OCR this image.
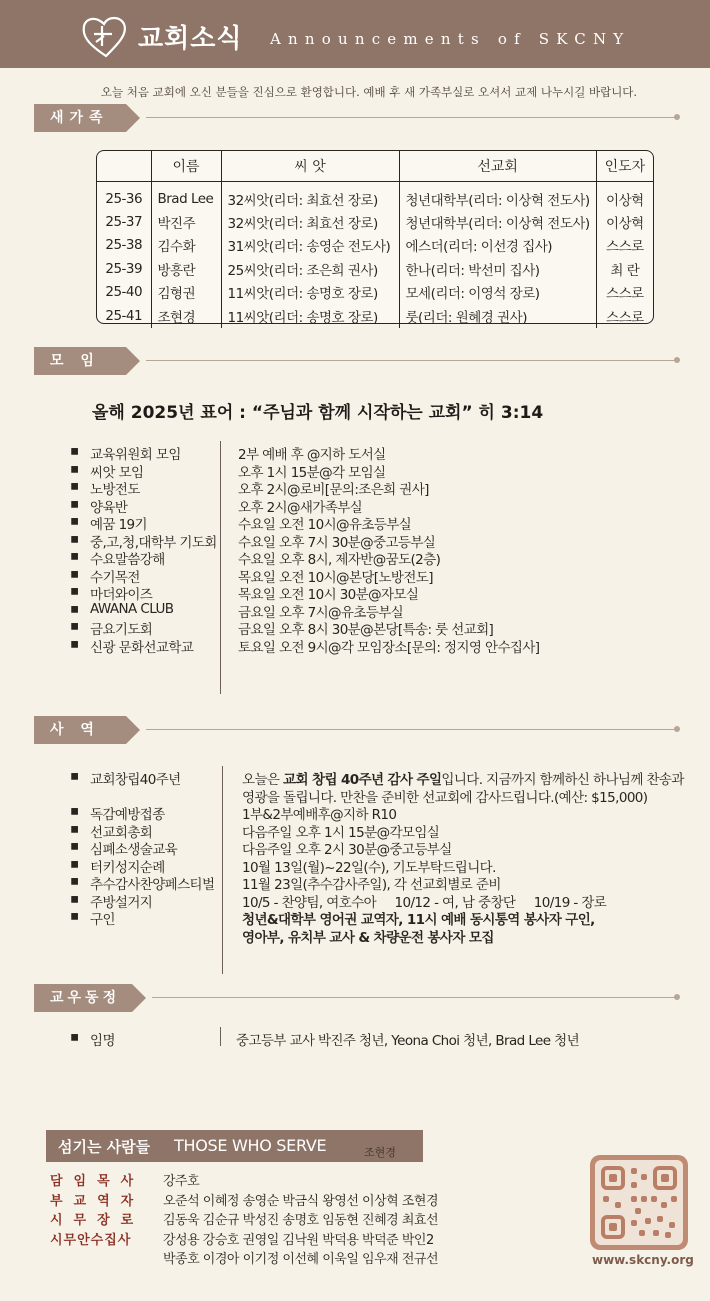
교회소식 Announcements of SKCNY
오늘 처음 교회에 오신 분들을 진심으로 환영합니다. 예배 후 새 가족부실로 오셔서 교제 나누시길 바랍니다.
새가족
	이름	씨 앗	선교회	인도자
25-36	Brad Lee	32씨앗(리더: 최효선 장로)	청년대학부(리더: 이상혁 전도사)	이상혁
25-37	박진주	32씨앗(리더: 최효선 장로)	청년대학부(리더: 이상혁 전도사)	이상혁
25-38	김수화	31씨앗(리더: 송영순 전도사)	에스더(리더: 이선경 집사)	스스로
25-39	방흥란	25씨앗(리더: 조은희 권사)	한나(리더: 박선미 집사)	최 란
25-40	김형권	11씨앗(리더: 송명호 장로)	모세(리더: 이영석 장로)	스스로
25-41	조현경	11씨앗(리더: 송명호 장로)	룻(리더: 원혜경 권사)	스스로
모 임
올해 2025년 표어 : “주님과 함께 시작하는 교회” 히 3:14
▪ 교육위원회 모임	2부 예배 후 @지하 도서실
▪ 씨앗 모임	오후 1시 15분@각 모임실
▪ 노방전도	오후 2시@로비[문의:조은희 권사]
▪ 양육반	오후 2시@새가족부실
▪ 예꿈 19기	수요일 오전 10시@유초등부실
▪ 중,고,청,대학부 기도회 수요일 오후 7시 30분@중고등부실
▪ 수요말씀강해	수요일 오후 8시, 제자반@꿈도(2층)
▪ 수기목전	목요일 오전 10시@본당[노방전도]
▪ 마더와이즈	목요일 오전 10시 30분@자모실
▪ AWANA CLUB	금요일 오후 7시@유초등부실
▪ 금요기도회	금요일 오후 8시 30분@본당[특송: 룻 선교회]
▪ 신광 문화선교학교	토요일 오전 9시@각 모임장소[문의: 정지영 안수집사]
사 역
▪ 교회창립40주년	오늘은 교회 창립 40주년 감사 주일입니다. 지금까지 함께하신 하나님께 찬송과
영광을 돌립니다. 만찬을 준비한 선교회에 감사드립니다.(예산: $15,000)
▪ 독감예방접종	1부&2부예배후@지하 R10
▪ 선교회총회	다음주일 오후 1시 15분@각모임실
▪ 심폐소생술교육	다음주일 오후 2시 30분@중고등부실
▪ 터키성지순례	10월 13일(월)~22일(수), 기도부탁드립니다.
▪ 추수감사찬양페스티벌 11월 23일(추수감사주일), 각 선교회별로 준비
▪ 주방설거지	10/5 - 찬양팀, 여호수아     10/12 - 여, 남 중창단     10/19 - 장로
▪ 구인	청년&대학부 영어권 교역자, 11시 예배 동시통역 봉사자 구인,
영아부, 유치부 교사 & 차량운전 봉사자 모집
교우동정
▪ 임명	중고등부 교사 박진주 청년, Yeona Choi 청년, Brad Lee 청년
섬기는 사람들 THOSE WHO SERVE	조현경
담임목사 강주호
부교역자 오준석 이혜정 송영순 박금식 왕영선 이상혁 조현경
시무장로 김동욱 김순규 박성진 송명호 임동현 진혜경 최효선
시무안수집사 강성용 강승호 권영일 김낙원 박덕용 박덕준 박인2
박종호 이경아 이기정 이선혜 이욱일 임우재 전규선	www.skcny.org
